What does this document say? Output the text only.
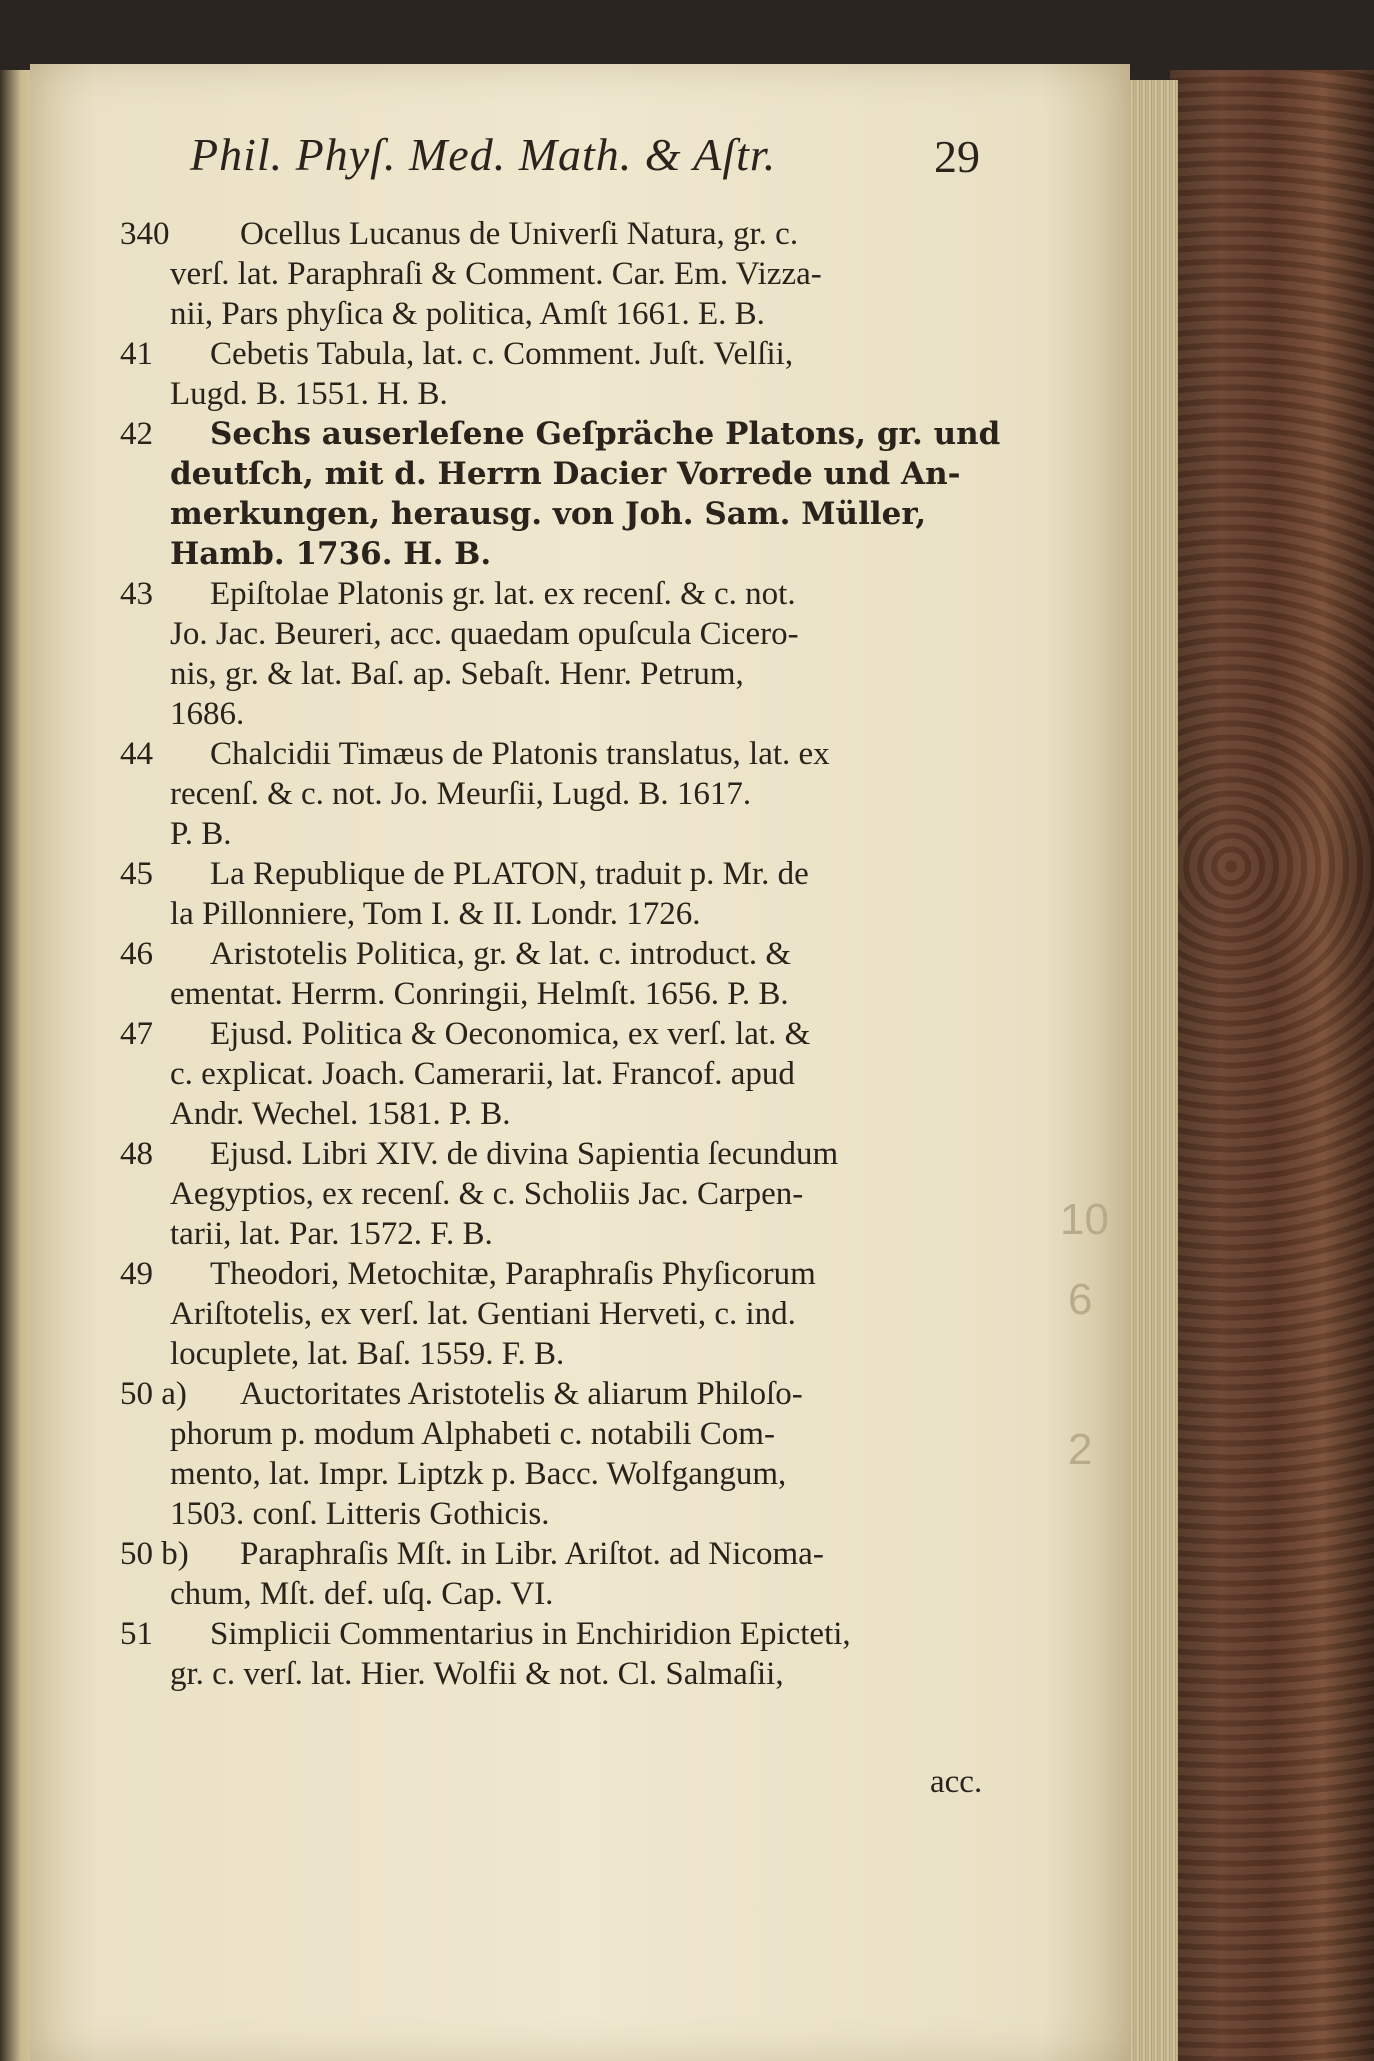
Phil. Phyſ. Med. Math. & Aſtr.	29
340	Ocellus Lucanus de Univerſi Natura, gr. c.
verſ. lat. Paraphraſi & Comment. Car. Em. Vizza-
nii, Pars phyſica & politica, Amſt 1661. E. B.
41	Cebetis Tabula, lat. c. Comment. Juſt. Velſii,
Lugd. B. 1551. H. B.
42	Sechs auserleſene Geſpräche Platons, gr. und
deutſch, mit d. Herrn Dacier Vorrede und An-
merkungen, herausg. von Joh. Sam. Müller,
Hamb. 1736. H. B.
43	Epiſtolae Platonis gr. lat. ex recenſ. & c. not.
Jo. Jac. Beureri, acc. quaedam opuſcula Cicero-
nis, gr. & lat. Baſ. ap. Sebaſt. Henr. Petrum,
1686.
44	Chalcidii Timæus de Platonis translatus, lat. ex
recenſ. & c. not. Jo. Meurſii, Lugd. B. 1617.
P. B.
45	La Republique de PLATON, traduit p. Mr. de
la Pillonniere, Tom I. & II. Londr. 1726.
46	Aristotelis Politica, gr. & lat. c. introduct. &
ementat. Herrm. Conringii, Helmſt. 1656. P. B.
47	Ejusd. Politica & Oeconomica, ex verſ. lat. &
c. explicat. Joach. Camerarii, lat. Francof. apud
Andr. Wechel. 1581. P. B.
48	Ejusd. Libri XIV. de divina Sapientia ſecundum
Aegyptios, ex recenſ. & c. Scholiis Jac. Carpen-
tarii, lat. Par. 1572. F. B.
49	Theodori, Metochitæ, Paraphraſis Phyſicorum
Ariſtotelis, ex verſ. lat. Gentiani Herveti, c. ind.
locuplete, lat. Baſ. 1559. F. B.
50 a)	Auctoritates Aristotelis & aliarum Philoſo-
phorum p. modum Alphabeti c. notabili Com-
mento, lat. Impr. Liptzk p. Bacc. Wolfgangum,
1503. conſ. Litteris Gothicis.
50 b)	Paraphraſis Mſt. in Libr. Ariſtot. ad Nicoma-
chum, Mſt. def. uſq. Cap. VI.
51	Simplicii Commentarius in Enchiridion Epicteti,
gr. c. verſ. lat. Hier. Wolfii & not. Cl. Salmaſii,
10
6
2
acc.
